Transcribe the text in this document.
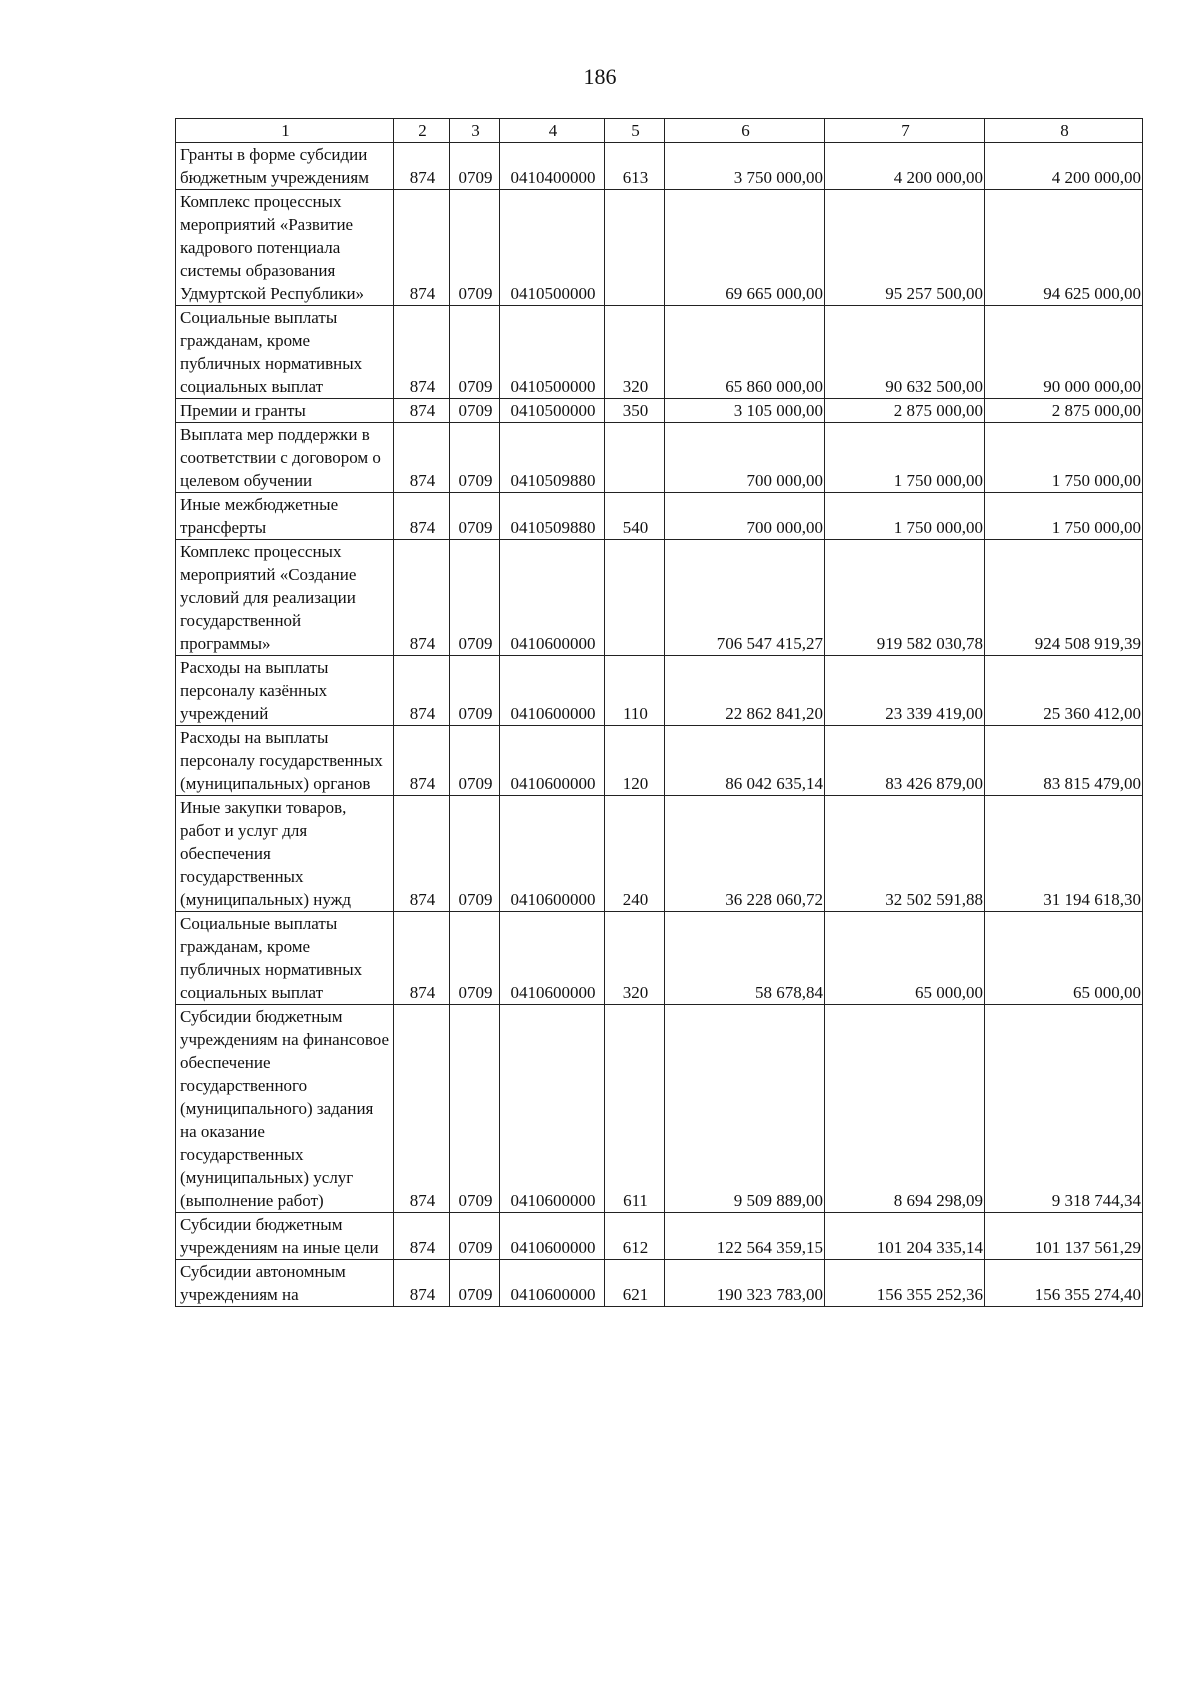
186
1	2	3	4	5	6	7	8
Гранты в форме субсидии бюджетным учреждениям	874	0709	0410400000	613	3 750 000,00	4 200 000,00	4 200 000,00
Комплекс процессных мероприятий «Развитие кадрового потенциала системы образования Удмуртской Республики»	874	0709	0410500000		69 665 000,00	95 257 500,00	94 625 000,00
Социальные выплаты гражданам, кроме публичных нормативных социальных выплат	874	0709	0410500000	320	65 860 000,00	90 632 500,00	90 000 000,00
Премии и гранты	874	0709	0410500000	350	3 105 000,00	2 875 000,00	2 875 000,00
Выплата мер поддержки в соответствии с договором о целевом обучении	874	0709	0410509880		700 000,00	1 750 000,00	1 750 000,00
Иные межбюджетные трансферты	874	0709	0410509880	540	700 000,00	1 750 000,00	1 750 000,00
Комплекс процессных мероприятий «Создание условий для реализации государственной программы»	874	0709	0410600000		706 547 415,27	919 582 030,78	924 508 919,39
Расходы на выплаты персоналу казённых учреждений	874	0709	0410600000	110	22 862 841,20	23 339 419,00	25 360 412,00
Расходы на выплаты персоналу государственных (муниципальных) органов	874	0709	0410600000	120	86 042 635,14	83 426 879,00	83 815 479,00
Иные закупки товаров, работ и услуг для обеспечения государственных (муниципальных) нужд	874	0709	0410600000	240	36 228 060,72	32 502 591,88	31 194 618,30
Социальные выплаты гражданам, кроме публичных нормативных социальных выплат	874	0709	0410600000	320	58 678,84	65 000,00	65 000,00
Субсидии бюджетным учреждениям на финансовое обеспечение государственного (муниципального) задания на оказание государственных (муниципальных) услуг (выполнение работ)	874	0709	0410600000	611	9 509 889,00	8 694 298,09	9 318 744,34
Субсидии бюджетным учреждениям на иные цели	874	0709	0410600000	612	122 564 359,15	101 204 335,14	101 137 561,29
Субсидии автономным учреждениям на	874	0709	0410600000	621	190 323 783,00	156 355 252,36	156 355 274,40
